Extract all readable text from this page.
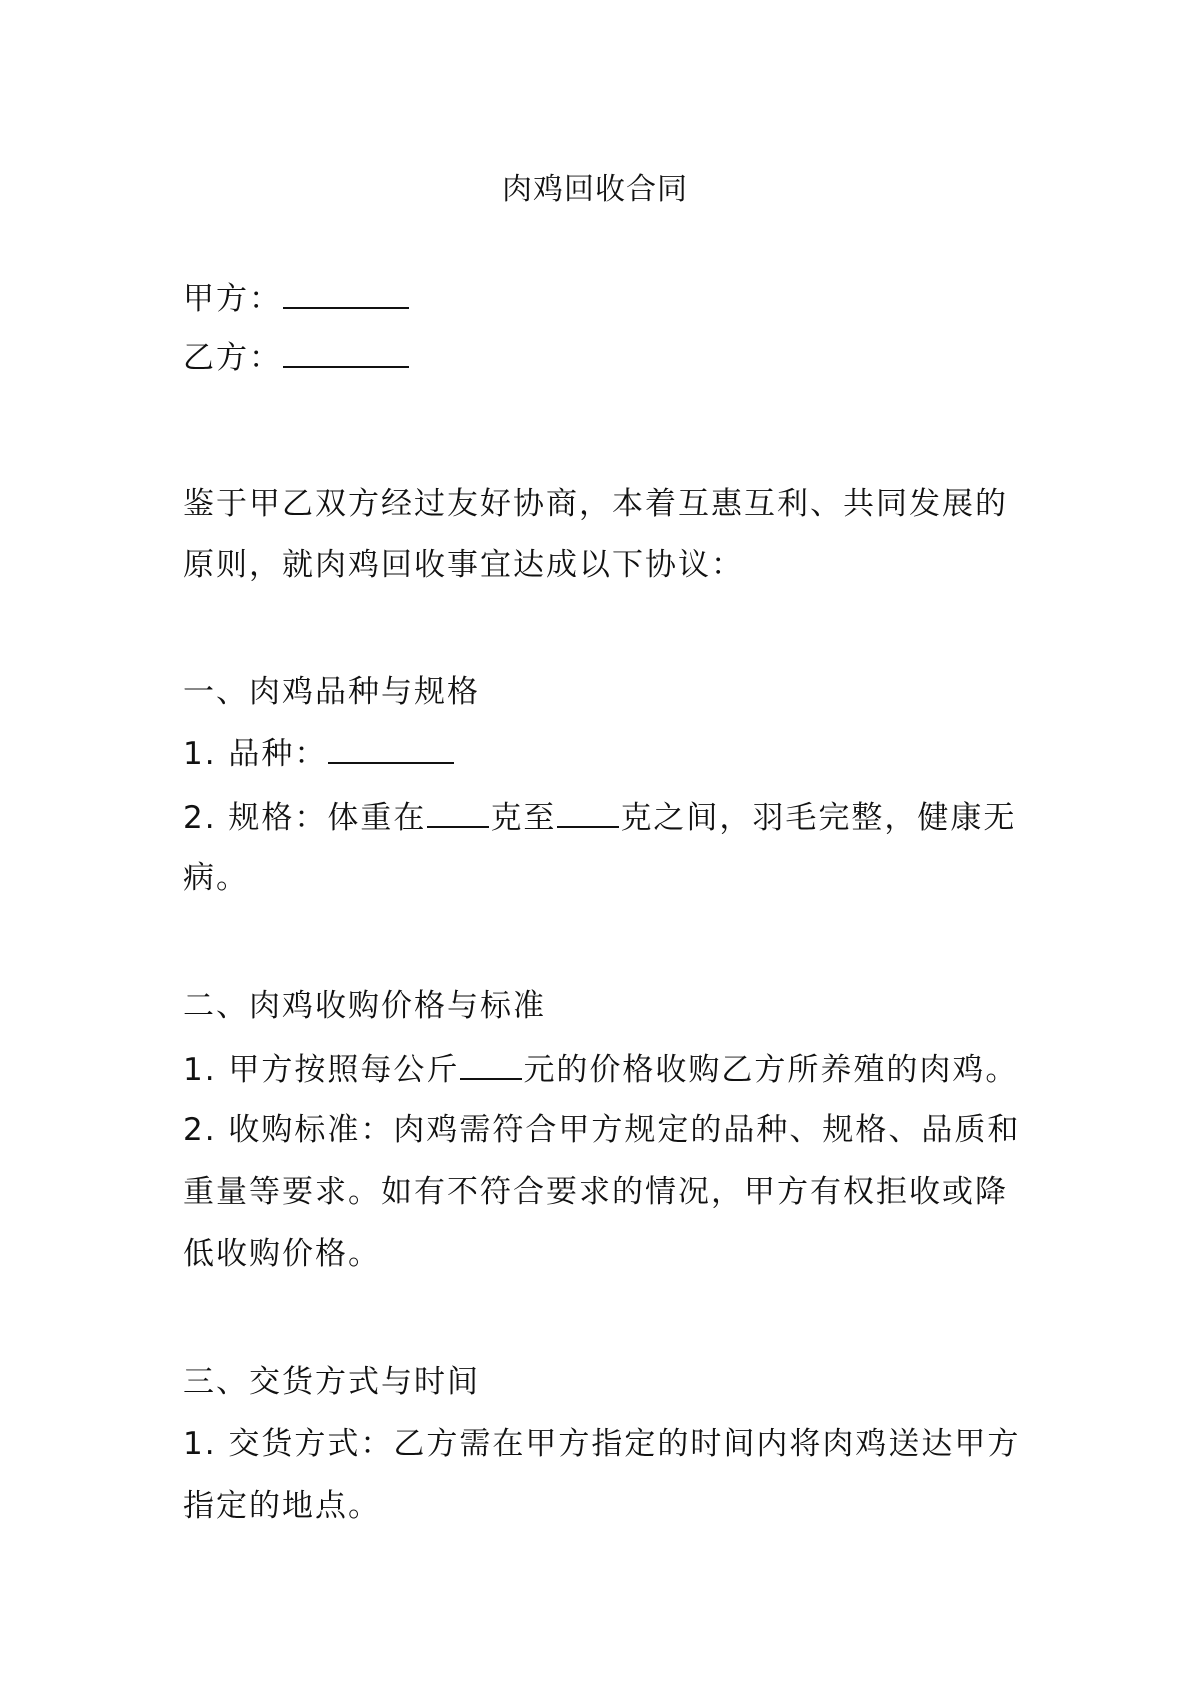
肉鸡回收合同
甲方：
乙方：
鉴于甲乙双方经过友好协商，本着互惠互利、共同发展的
原则，就肉鸡回收事宜达成以下协议：
一、肉鸡品种与规格
1. 品种：
2. 规格：体重在 克至 克之间，羽毛完整，健康无
病。
二、肉鸡收购价格与标准
1. 甲方按照每公斤 元的价格收购乙方所养殖的肉鸡。
2. 收购标准：肉鸡需符合甲方规定的品种、规格、品质和
重量等要求。如有不符合要求的情况，甲方有权拒收或降
低收购价格。
三、交货方式与时间
1. 交货方式：乙方需在甲方指定的时间内将肉鸡送达甲方
指定的地点。
